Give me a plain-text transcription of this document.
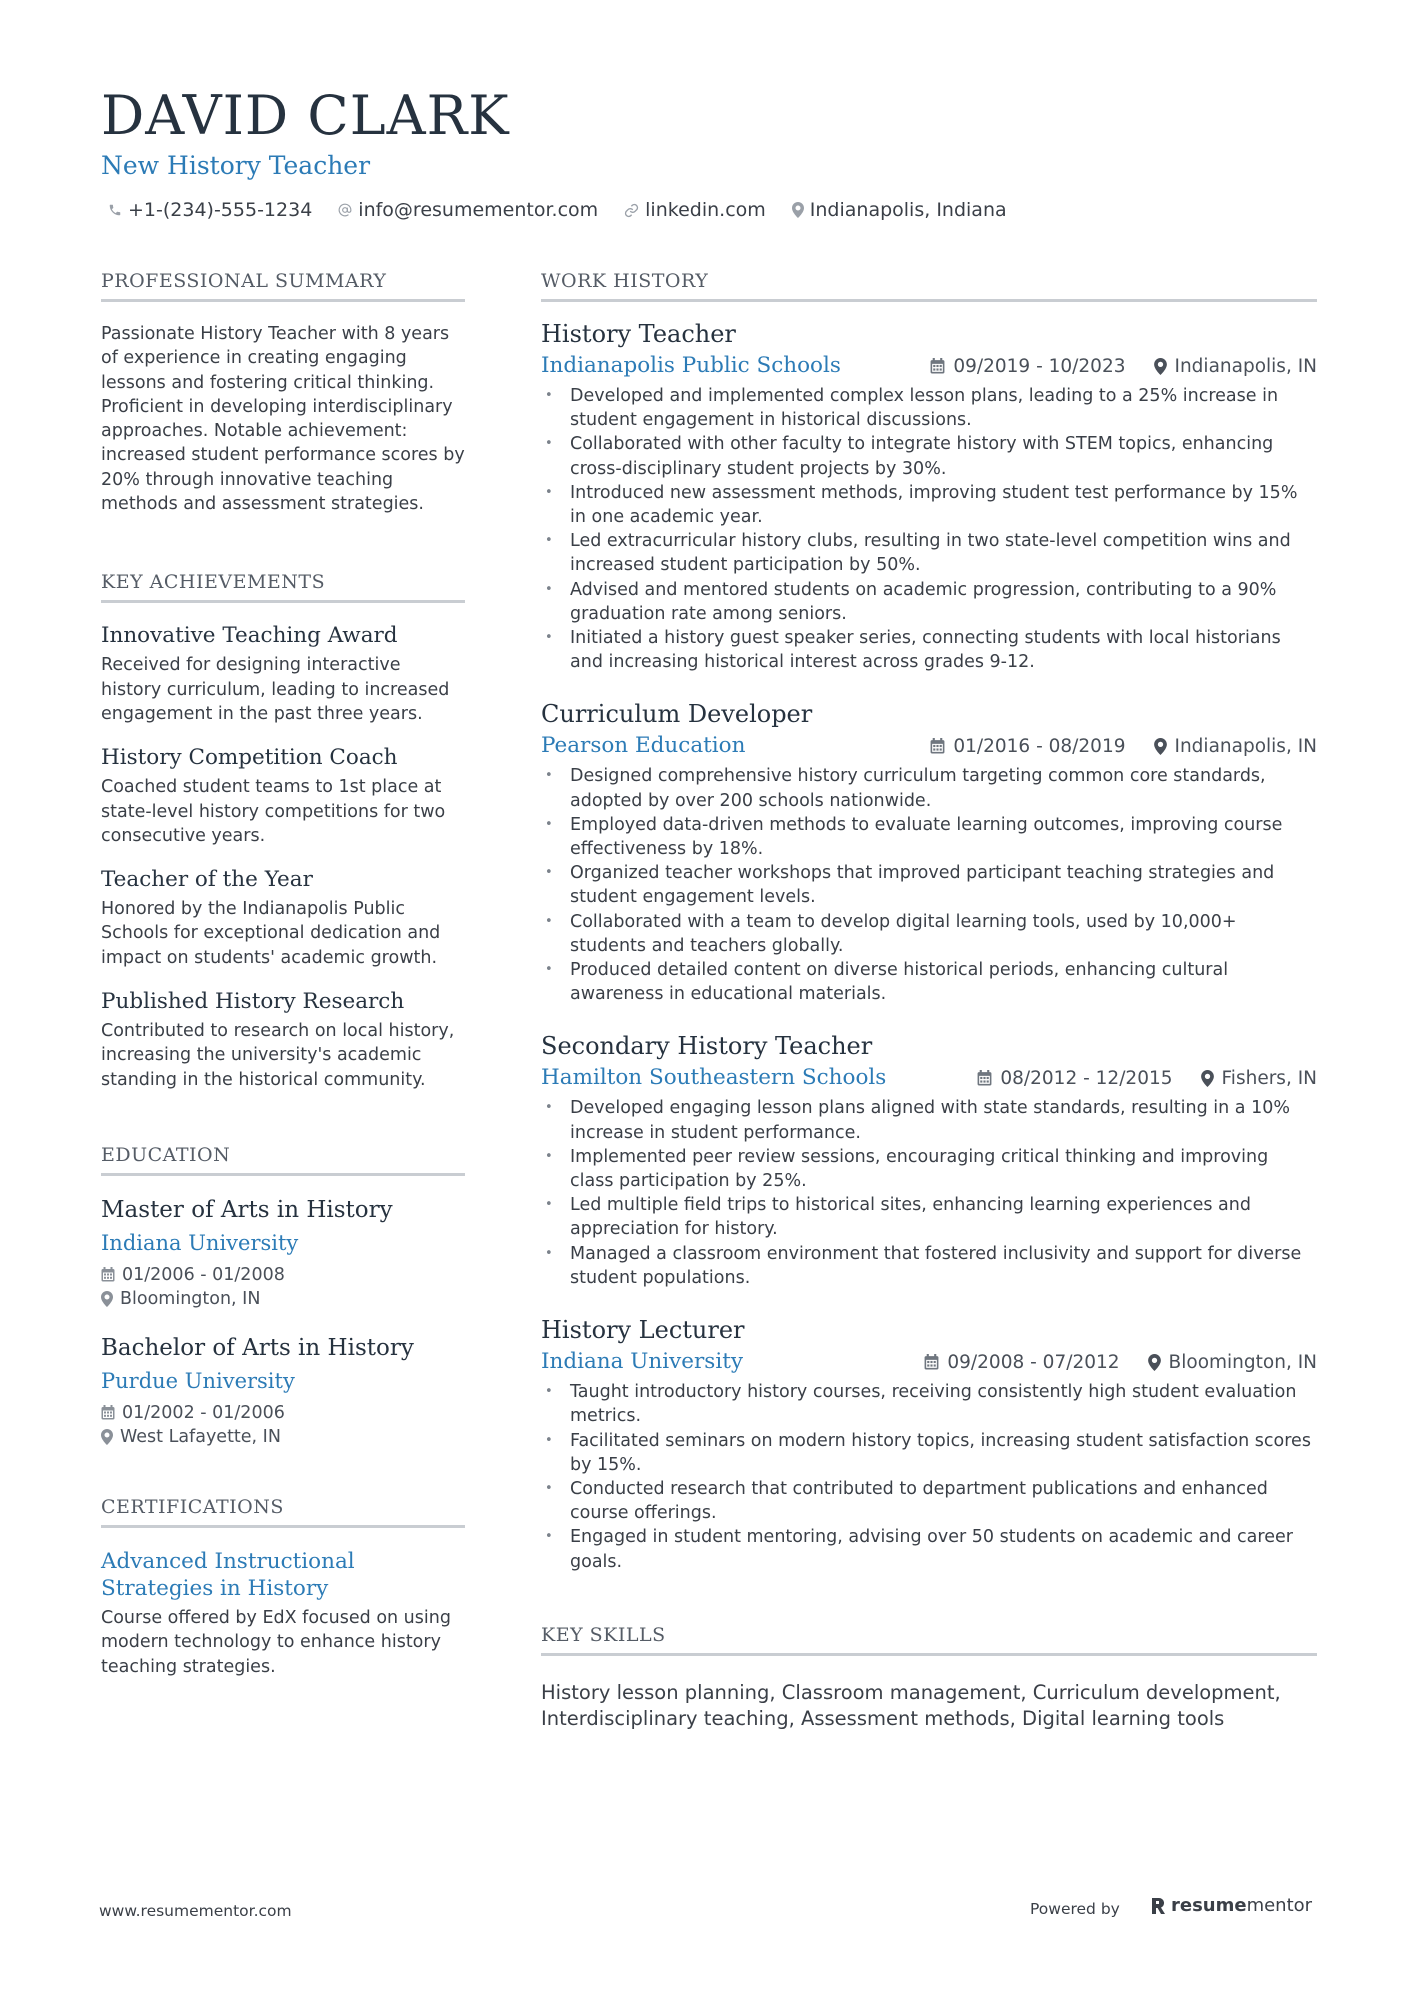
DAVID CLARK
New History Teacher
+1-(234)-555-1234 info@resumementor.com linkedin.com Indianapolis, Indiana
PROFESSIONAL SUMMARY
Passionate History Teacher with 8 years of experience in creating engaging lessons and fostering critical thinking. Proficient in developing interdisciplinary approaches. Notable achievement: increased student performance scores by 20% through innovative teaching methods and assessment strategies.
KEY ACHIEVEMENTS
Innovative Teaching Award
Received for designing interactive history curriculum, leading to increased engagement in the past three years.
History Competition Coach
Coached student teams to 1st place at state-level history competitions for two consecutive years.
Teacher of the Year
Honored by the Indianapolis Public Schools for exceptional dedication and impact on students' academic growth.
Published History Research
Contributed to research on local history, increasing the university's academic standing in the historical community.
EDUCATION
Master of Arts in History
Indiana University
01/2006 - 01/2008
Bloomington, IN
Bachelor of Arts in History
Purdue University
01/2002 - 01/2006
West Lafayette, IN
CERTIFICATIONS
Advanced Instructional
Strategies in History
Course offered by EdX focused on using modern technology to enhance history teaching strategies.
WORK HISTORY
History Teacher
Indianapolis Public Schools	09/2019 - 10/2023	Indianapolis, IN
• Developed and implemented complex lesson plans, leading to a 25% increase in student engagement in historical discussions.
• Collaborated with other faculty to integrate history with STEM topics, enhancing cross-disciplinary student projects by 30%.
• Introduced new assessment methods, improving student test performance by 15% in one academic year.
• Led extracurricular history clubs, resulting in two state-level competition wins and increased student participation by 50%.
• Advised and mentored students on academic progression, contributing to a 90% graduation rate among seniors.
• Initiated a history guest speaker series, connecting students with local historians and increasing historical interest across grades 9-12.
Curriculum Developer
Pearson Education	01/2016 - 08/2019	Indianapolis, IN
• Designed comprehensive history curriculum targeting common core standards, adopted by over 200 schools nationwide.
• Employed data-driven methods to evaluate learning outcomes, improving course effectiveness by 18%.
• Organized teacher workshops that improved participant teaching strategies and student engagement levels.
• Collaborated with a team to develop digital learning tools, used by 10,000+ students and teachers globally.
• Produced detailed content on diverse historical periods, enhancing cultural awareness in educational materials.
Secondary History Teacher
Hamilton Southeastern Schools	08/2012 - 12/2015	Fishers, IN
• Developed engaging lesson plans aligned with state standards, resulting in a 10% increase in student performance.
• Implemented peer review sessions, encouraging critical thinking and improving class participation by 25%.
• Led multiple field trips to historical sites, enhancing learning experiences and appreciation for history.
• Managed a classroom environment that fostered inclusivity and support for diverse student populations.
History Lecturer
Indiana University	09/2008 - 07/2012	Bloomington, IN
• Taught introductory history courses, receiving consistently high student evaluation metrics.
• Facilitated seminars on modern history topics, increasing student satisfaction scores by 15%.
• Conducted research that contributed to department publications and enhanced course offerings.
• Engaged in student mentoring, advising over 50 students on academic and career goals.
KEY SKILLS
History lesson planning, Classroom management, Curriculum development, Interdisciplinary teaching, Assessment methods, Digital learning tools
www.resumementor.com	Powered by	resume mentor
